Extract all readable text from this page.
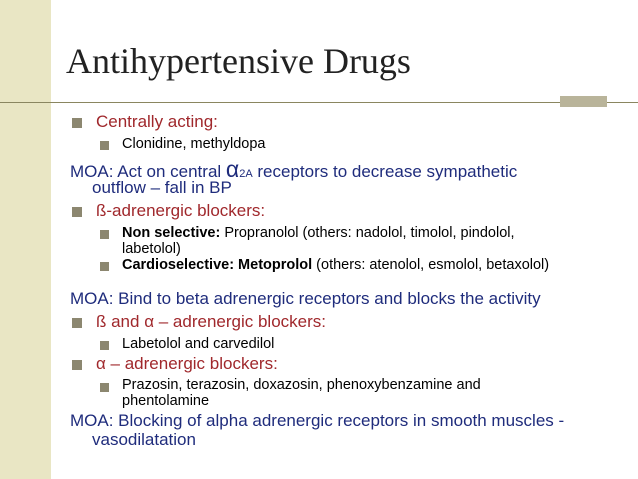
Antihypertensive Drugs
Centrally acting:
Clonidine, methyldopa
MOA: Act on central α2A receptors to decrease sympathetic
outflow – fall in BP
ß-adrenergic blockers:
Non selective: Propranolol (others: nadolol, timolol, pindolol,
labetolol)
Cardioselective: Metoprolol (others: atenolol, esmolol, betaxolol)
MOA: Bind to beta adrenergic receptors and blocks the activity
ß and α – adrenergic blockers:
Labetolol and carvedilol
α – adrenergic blockers:
Prazosin, terazosin, doxazosin, phenoxybenzamine and
phentolamine
MOA: Blocking of alpha adrenergic receptors in smooth muscles -
vasodilatation
